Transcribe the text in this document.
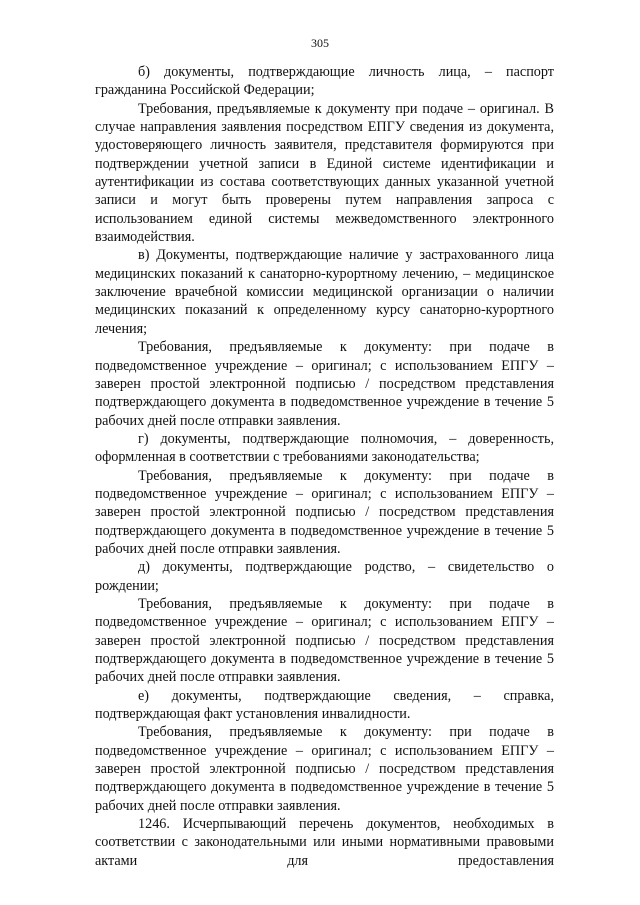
305

б) документы, подтверждающие личность лица, – паспорт гражданина Российской Федерации;

Требования, предъявляемые к документу при подаче – оригинал. В случае направления заявления посредством ЕПГУ сведения из документа, удостоверяющего личность заявителя, представителя формируются при подтверждении учетной записи в Единой системе идентификации и аутентификации из состава соответствующих данных указанной учетной записи и могут быть проверены путем направления запроса с использованием единой системы межведомственного электронного взаимодействия.

в) Документы, подтверждающие наличие у застрахованного лица медицинских показаний к санаторно-курортному лечению, – медицинское заключение врачебной комиссии медицинской организации о наличии медицинских показаний к определенному курсу санаторно-курортного лечения;

Требования, предъявляемые к документу: при подаче в подведомственное учреждение – оригинал; с использованием ЕПГУ – заверен простой электронной подписью / посредством представления подтверждающего документа в подведомственное учреждение в течение 5 рабочих дней после отправки заявления.

г) документы, подтверждающие полномочия, – доверенность, оформленная в соответствии с требованиями законодательства;

Требования, предъявляемые к документу: при подаче в подведомственное учреждение – оригинал; с использованием ЕПГУ – заверен простой электронной подписью / посредством представления подтверждающего документа в подведомственное учреждение в течение 5 рабочих дней после отправки заявления.

д) документы, подтверждающие родство, – свидетельство о рождении;

Требования, предъявляемые к документу: при подаче в подведомственное учреждение – оригинал; с использованием ЕПГУ – заверен простой электронной подписью / посредством представления подтверждающего документа в подведомственное учреждение в течение 5 рабочих дней после отправки заявления.

е) документы, подтверждающие сведения, – справка, подтверждающая факт установления инвалидности.

Требования, предъявляемые к документу: при подаче в подведомственное учреждение – оригинал; с использованием ЕПГУ – заверен простой электронной подписью / посредством представления подтверждающего документа в подведомственное учреждение в течение 5 рабочих дней после отправки заявления.

1246. Исчерпывающий перечень документов, необходимых в соответствии с законодательными или иными нормативными правовыми актами для предоставления
